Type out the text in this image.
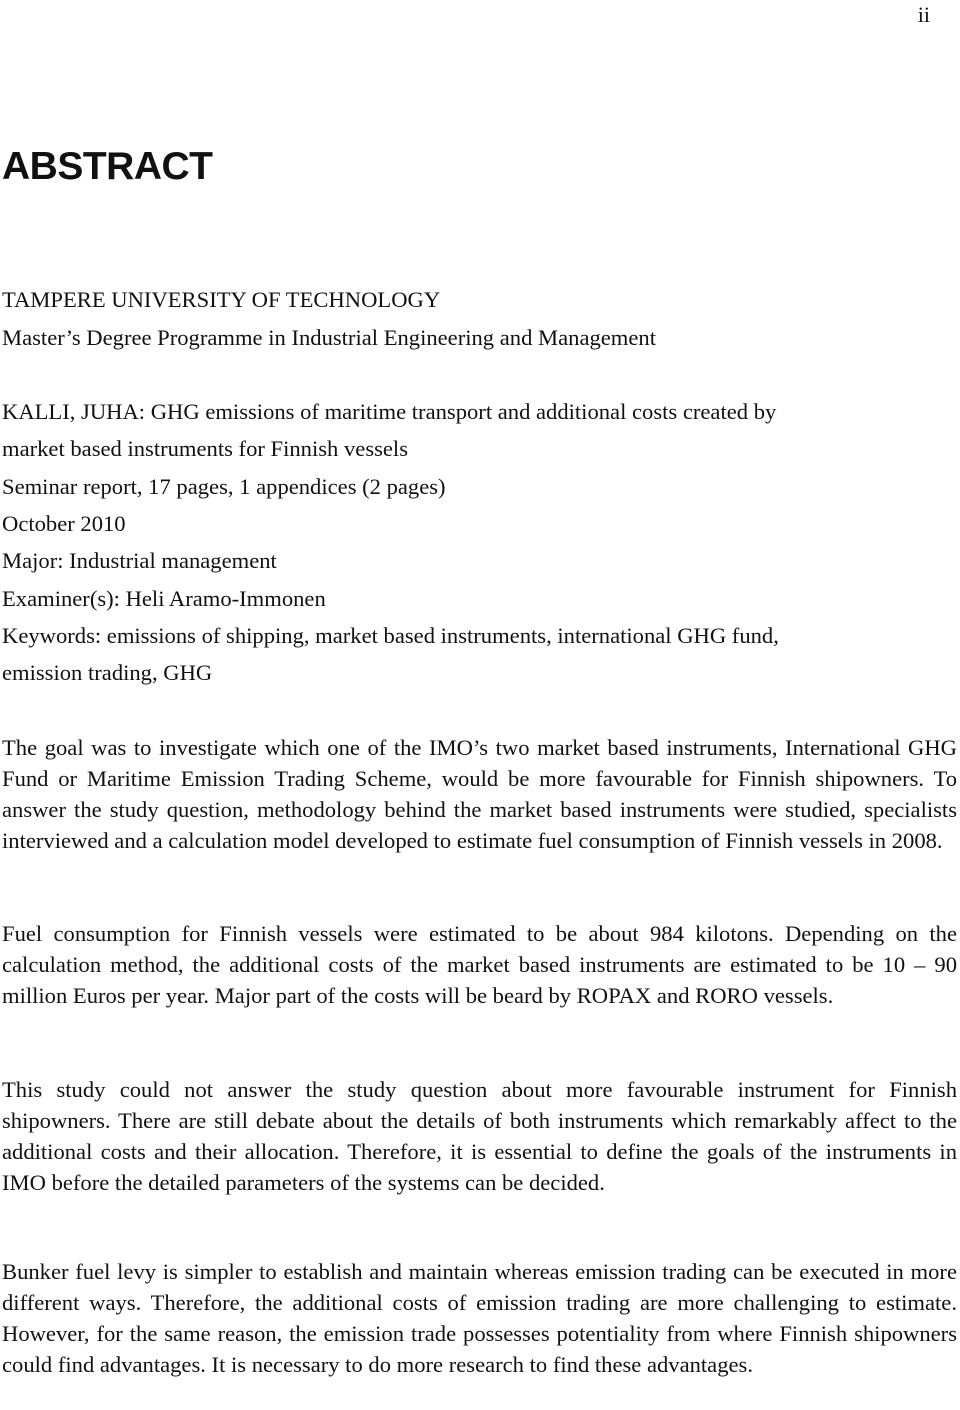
ii
ABSTRACT

TAMPERE UNIVERSITY OF TECHNOLOGY

Master’s Degree Programme in Industrial Engineering and Management

KALLI, JUHA: GHG emissions of maritime transport and additional costs created by

market based instruments for Finnish vessels

Seminar report, 17 pages, 1 appendices (2 pages)

October 2010

Major: Industrial management

Examiner(s): Heli Aramo-Immonen

Keywords: emissions of shipping, market based instruments, international GHG fund,

emission trading, GHG

The goal was to investigate which one of the IMO’s two market based instruments, International GHG Fund or Maritime Emission Trading Scheme, would be more favourable for Finnish shipowners. To answer the study question, methodology behind the market based instruments were studied, specialists interviewed and a calculation model developed to estimate fuel consumption of Finnish vessels in 2008.

Fuel consumption for Finnish vessels were estimated to be about 984 kilotons. Depending on the calculation method, the additional costs of the market based instruments are estimated to be 10 – 90 million Euros per year. Major part of the costs will be beard by ROPAX and RORO vessels.

This study could not answer the study question about more favourable instrument for Finnish shipowners. There are still debate about the details of both instruments which remarkably affect to the additional costs and their allocation. Therefore, it is essential to define the goals of the instruments in IMO before the detailed parameters of the systems can be decided.

Bunker fuel levy is simpler to establish and maintain whereas emission trading can be executed in more different ways. Therefore, the additional costs of emission trading are more challenging to estimate. However, for the same reason, the emission trade possesses potentiality from where Finnish shipowners could find advantages. It is necessary to do more research to find these advantages.
